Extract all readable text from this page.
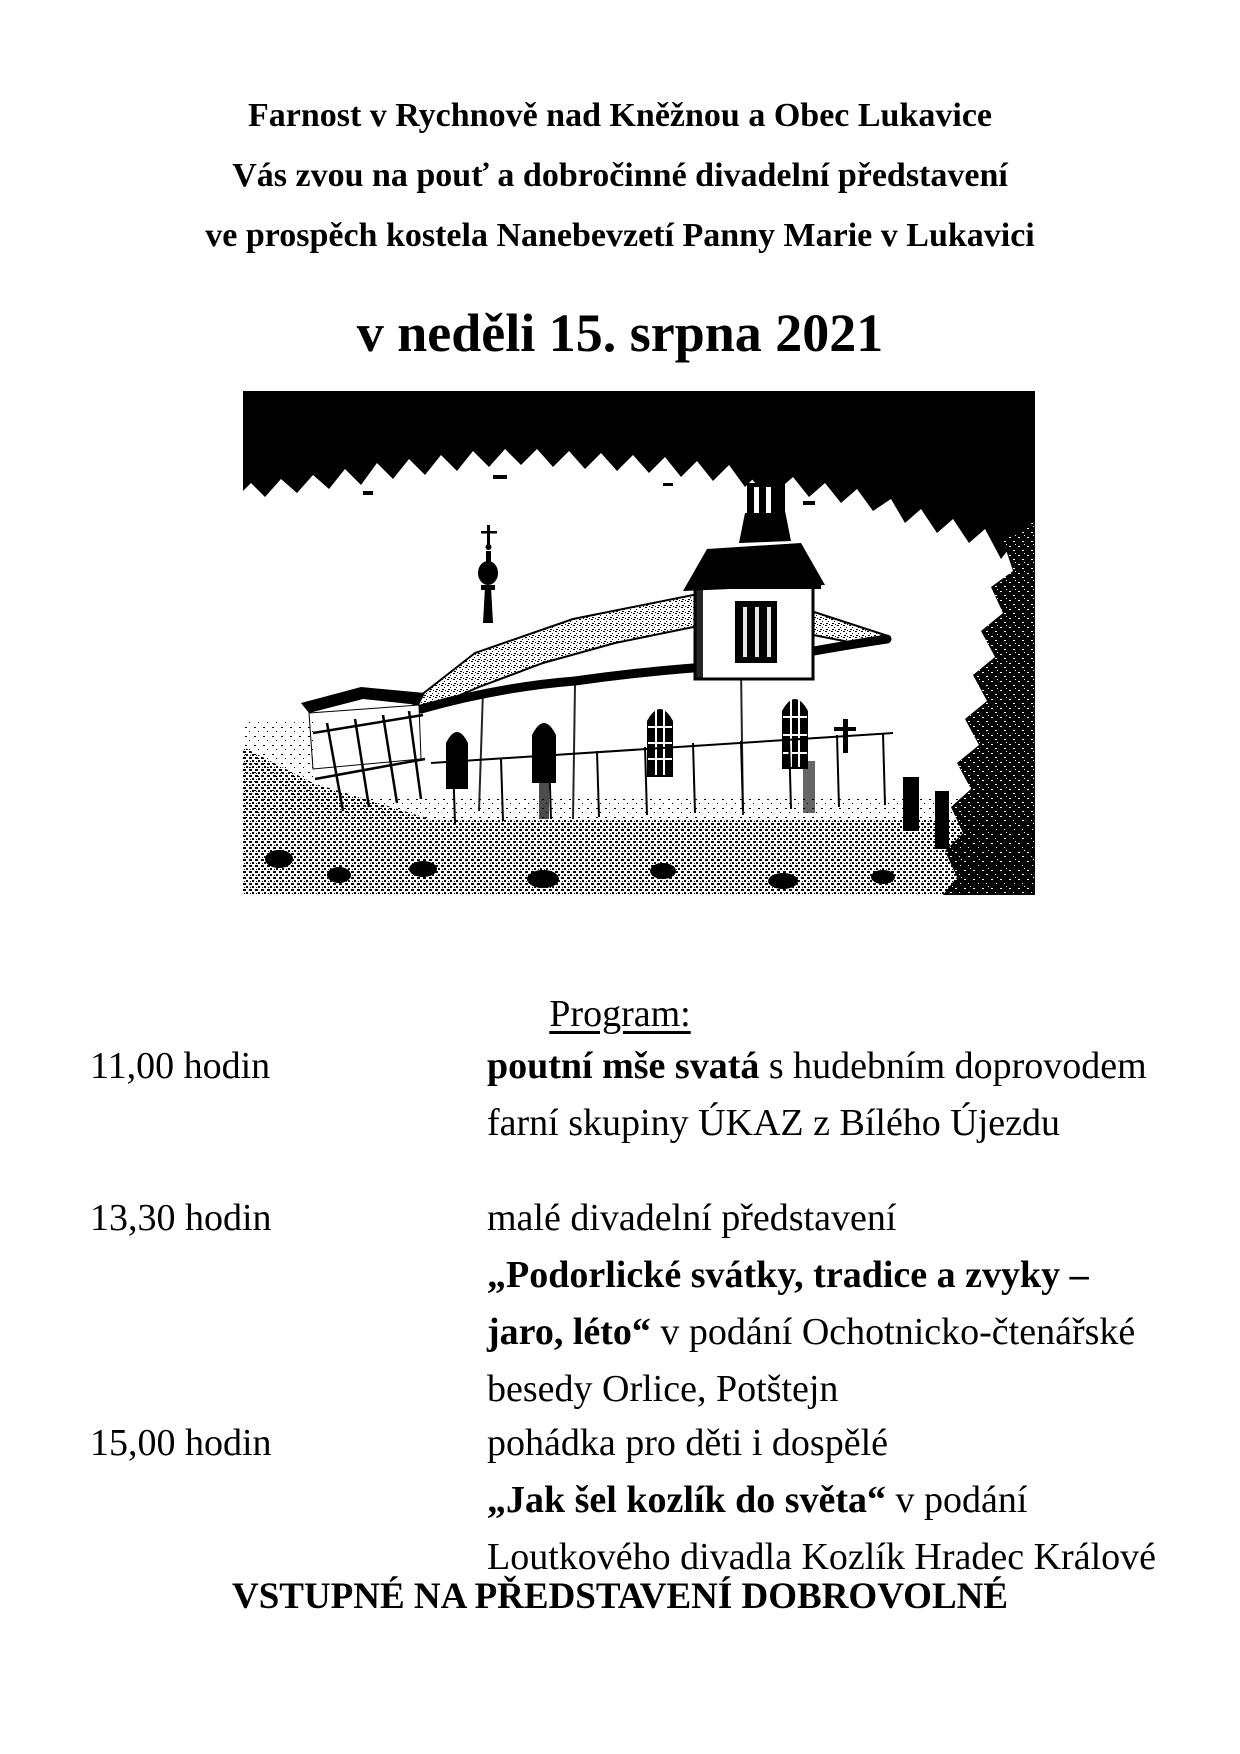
Farnost v Rychnově nad Kněžnou a Obec Lukavice
Vás zvou na pouť a dobročinné divadelní představení
ve prospěch kostela Nanebevzetí Panny Marie v Lukavici
v neděli 15. srpna 2021
Program:
11,00 hodin	poutní mše svatá s hudebním doprovodem
farní skupiny ÚKAZ z Bílého Újezdu
13,30 hodin	malé divadelní představení
„Podorlické svátky, tradice a zvyky –
jaro, léto“ v podání Ochotnicko-čtenářské
besedy Orlice, Potštejn
15,00 hodin	pohádka pro děti i dospělé
„Jak šel kozlík do světa“ v podání
Loutkového divadla Kozlík Hradec Králové
VSTUPNÉ NA PŘEDSTAVENÍ DOBROVOLNÉ
